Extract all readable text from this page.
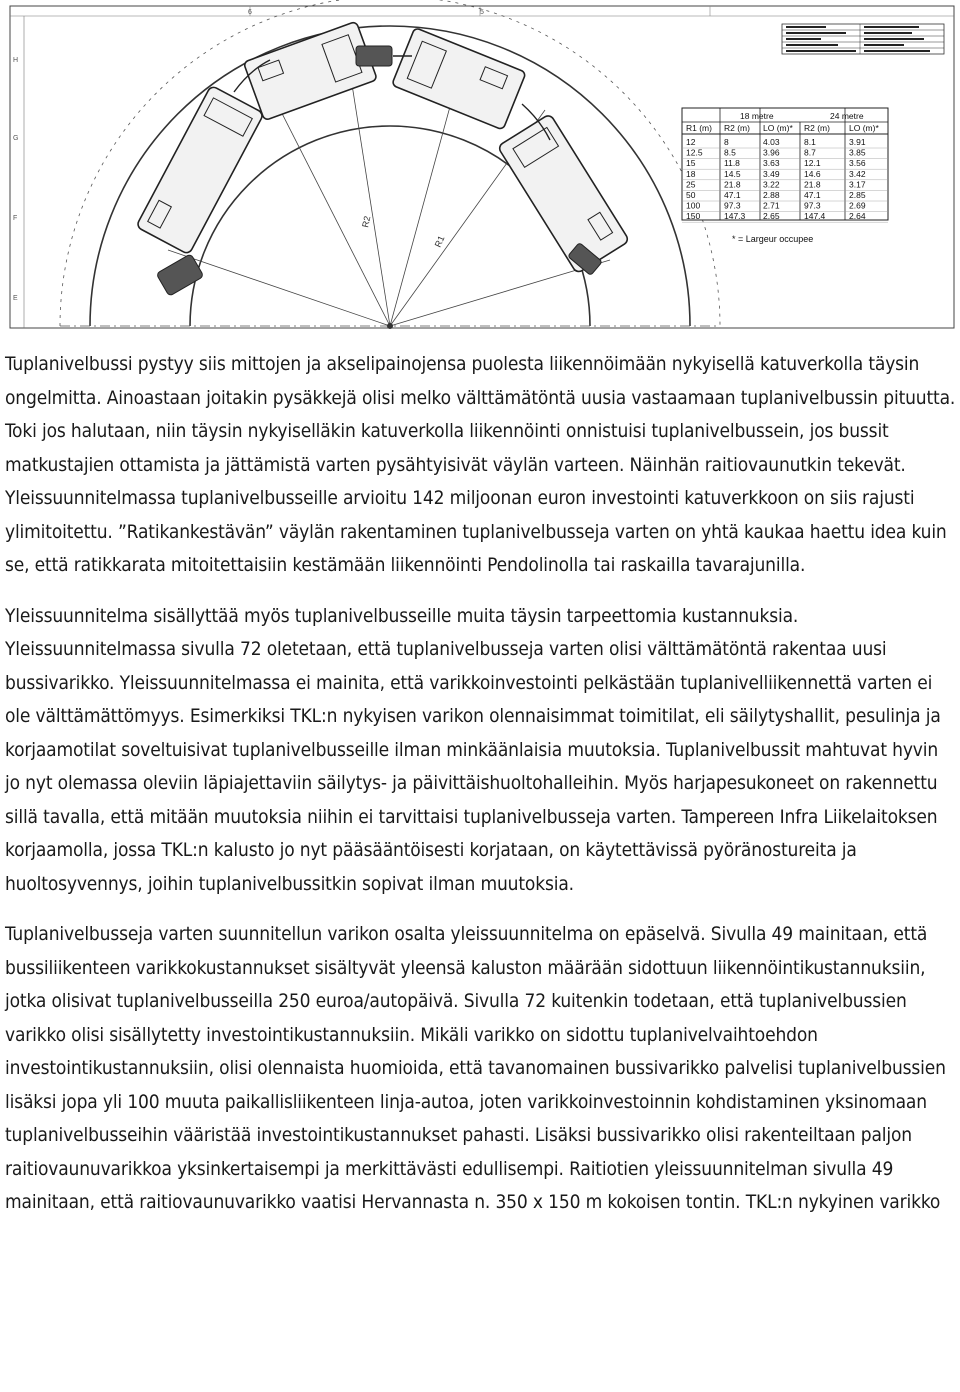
H
G
F
E
5
6
R2
R1
18 metre	24 metre
R1 (m) R2 (m) LO (m)* R2 (m) LO (m)*
12	8	4.03	8.1	3.91
12.5	8.5	3.96	8.7	3.85
15	11.8	3.63	12.1	3.56
18	14.5	3.49	14.6	3.42
25	21.8	3.22	21.8	3.17
50	47.1	2.88	47.1	2.85
100	97.3	2.71	97.3	2.69
150	147.3 2.65	147.4	2.64
* = Largeur occupee

Tuplanivelbussi pystyy siis mittojen ja akselipainojensa puolesta liikennöimään nykyisellä katuverkolla täysin ongelmitta. Ainoastaan joitakin pysäkkejä olisi melko välttämätöntä uusia vastaamaan tuplanivelbussin pituutta. Toki jos halutaan, niin täysin nykyiselläkin katuverkolla liikennöinti onnistuisi tuplanivelbussein, jos bussit matkustajien ottamista ja jättämistä varten pysähtyisivät väylän varteen. Näinhän raitiovaunutkin tekevät. Yleissuunnitelmassa tuplanivelbusseille arvioitu 142 miljoonan euron investointi katuverkkoon on siis rajusti ylimitoitettu. ”Ratikankestävän” väylän rakentaminen tuplanivelbusseja varten on yhtä kaukaa haettu idea kuin se, että ratikkarata mitoitettaisiin kestämään liikennöinti Pendolinolla tai raskailla tavarajunilla.

Yleissuunnitelma sisällyttää myös tuplanivelbusseille muita täysin tarpeettomia kustannuksia. Yleissuunnitelmassa sivulla 72 oletetaan, että tuplanivelbusseja varten olisi välttämätöntä rakentaa uusi bussivarikko. Yleissuunnitelmassa ei mainita, että varikkoinvestointi pelkästään tuplanivelliikennettä varten ei ole välttämättömyys. Esimerkiksi TKL:n nykyisen varikon olennaisimmat toimitilat, eli säilytyshallit, pesulinja ja korjaamotilat soveltuisivat tuplanivelbusseille ilman minkäänlaisia muutoksia. Tuplanivelbussit mahtuvat hyvin jo nyt olemassa oleviin läpiajettaviin säilytys- ja päivittäishuoltohalleihin. Myös harjapesukoneet on rakennettu sillä tavalla, että mitään muutoksia niihin ei tarvittaisi tuplanivelbusseja varten. Tampereen Infra Liikelaitoksen korjaamolla, jossa TKL:n kalusto jo nyt pääsääntöisesti korjataan, on käytettävissä pyöränostureita ja huoltosyvennys, joihin tuplanivelbussitkin sopivat ilman muutoksia.

Tuplanivelbusseja varten suunnitellun varikon osalta yleissuunnitelma on epäselvä. Sivulla 49 mainitaan, että bussiliikenteen varikkokustannukset sisältyvät yleensä kaluston määrään sidottuun liikennöintikustannuksiin, jotka olisivat tuplanivelbusseilla 250 euroa/autopäivä. Sivulla 72 kuitenkin todetaan, että tuplanivelbussien varikko olisi sisällytetty investointikustannuksiin. Mikäli varikko on sidottu tuplanivelvaihtoehdon investointikustannuksiin, olisi olennaista huomioida, että tavanomainen bussivarikko palvelisi tuplanivelbussien lisäksi jopa yli 100 muuta paikallisliikenteen linja-autoa, joten varikkoinvestoinnin kohdistaminen yksinomaan tuplanivelbusseihin vääristää investointikustannukset pahasti. Lisäksi bussivarikko olisi rakenteiltaan paljon raitiovaunuvarikkoa yksinkertaisempi ja merkittävästi edullisempi. Raitiotien yleissuunnitelman sivulla 49 mainitaan, että raitiovaunuvarikko vaatisi Hervannasta n. 350 x 150 m kokoisen tontin. TKL:n nykyinen varikko
